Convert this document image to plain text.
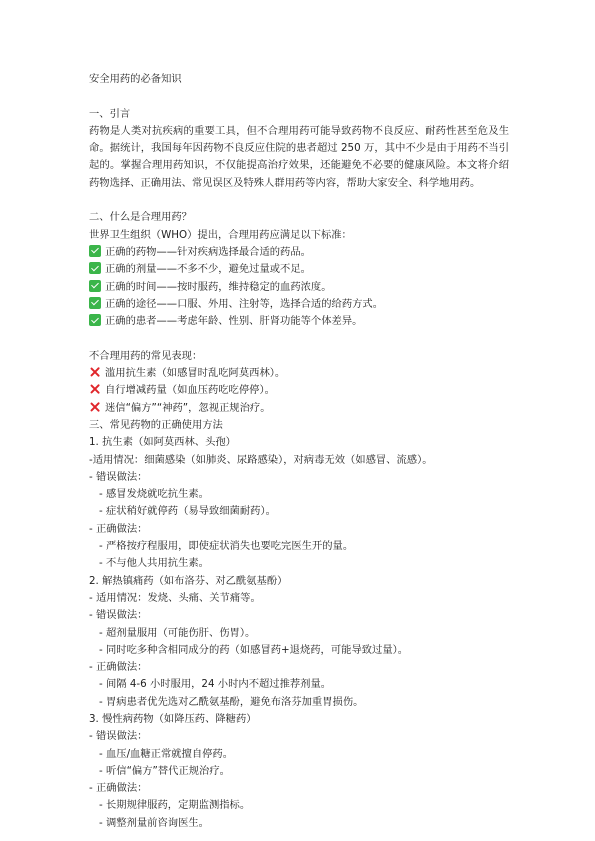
安全用药的必备知识
一、引言
药物是人类对抗疾病的重要工具，但不合理用药可能导致药物不良反应、耐药性甚至危及生命。据统计，我国每年因药物不良反应住院的患者超过 250 万，其中不少是由于用药不当引起的。掌握合理用药知识，不仅能提高治疗效果，还能避免不必要的健康风险。本文将介绍药物选择、正确用法、常见误区及特殊人群用药等内容，帮助大家安全、科学地用药。
二、什么是合理用药？
世界卫生组织（WHO）提出，合理用药应满足以下标准：
正确的药物——针对疾病选择最合适的药品。
正确的剂量——不多不少，避免过量或不足。
正确的时间——按时服药，维持稳定的血药浓度。
正确的途径——口服、外用、注射等，选择合适的给药方式。
正确的患者——考虑年龄、性别、肝肾功能等个体差异。
不合理用药的常见表现：
滥用抗生素（如感冒时乱吃阿莫西林）。
自行增减药量（如血压药吃吃停停）。
迷信“偏方”“神药”，忽视正规治疗。
三、常见药物的正确使用方法
1. 抗生素（如阿莫西林、头孢）
-适用情况：细菌感染（如肺炎、尿路感染），对病毒无效（如感冒、流感）。
- 错误做法：
- 感冒发烧就吃抗生素。
- 症状稍好就停药（易导致细菌耐药）。
- 正确做法：
- 严格按疗程服用，即使症状消失也要吃完医生开的量。
- 不与他人共用抗生素。
2. 解热镇痛药（如布洛芬、对乙酰氨基酚）
- 适用情况：发烧、头痛、关节痛等。
- 错误做法：
- 超剂量服用（可能伤肝、伤胃）。
- 同时吃多种含相同成分的药（如感冒药+退烧药，可能导致过量）。
- 正确做法：
- 间隔 4-6 小时服用，24 小时内不超过推荐剂量。
- 胃病患者优先选对乙酰氨基酚，避免布洛芬加重胃损伤。
3. 慢性病药物（如降压药、降糖药）
- 错误做法：
- 血压/血糖正常就擅自停药。
- 听信“偏方”替代正规治疗。
- 正确做法：
- 长期规律服药，定期监测指标。
- 调整剂量前咨询医生。
